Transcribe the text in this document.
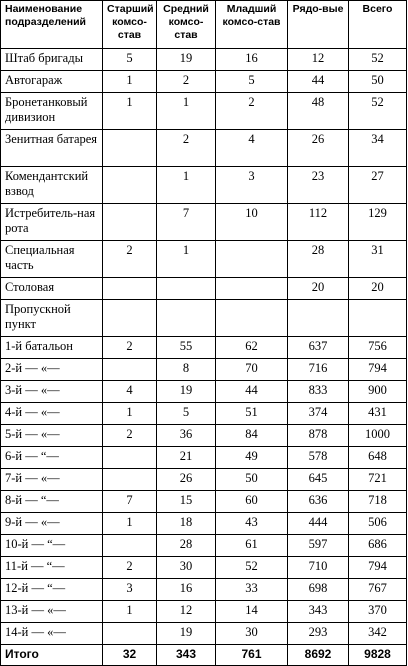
Наименование подразделений	Старший комсо-став	Средний комсо-став	Младший комсо-став	Рядо-вые	Всего
Штаб бригады	5	19	16	12	52
Автогараж	1	2	5	44	50
Бронетанковый дивизион	1	1	2	48	52
Зенитная батарея		2	4	26	34
Комендантский взвод		1	3	23	27
Истребитель-ная рота		7	10	112	129
Специальная часть	2	1		28	31
Столовая				20	20
Пропускной пункт					
1-й батальон	2	55	62	637	756
2-й — «—		8	70	716	794
3-й — «—	4	19	44	833	900
4-й — «—	1	5	51	374	431
5-й — «—	2	36	84	878	1000
6-й — “—		21	49	578	648
7-й — «—		26	50	645	721
8-й — “—	7	15	60	636	718
9-й — «—	1	18	43	444	506
10-й — “—		28	61	597	686
11-й — “—	2	30	52	710	794
12-й — “—	3	16	33	698	767
13-й — «—	1	12	14	343	370
14-й — «—		19	30	293	342
Итого	32	343	761	8692	9828
